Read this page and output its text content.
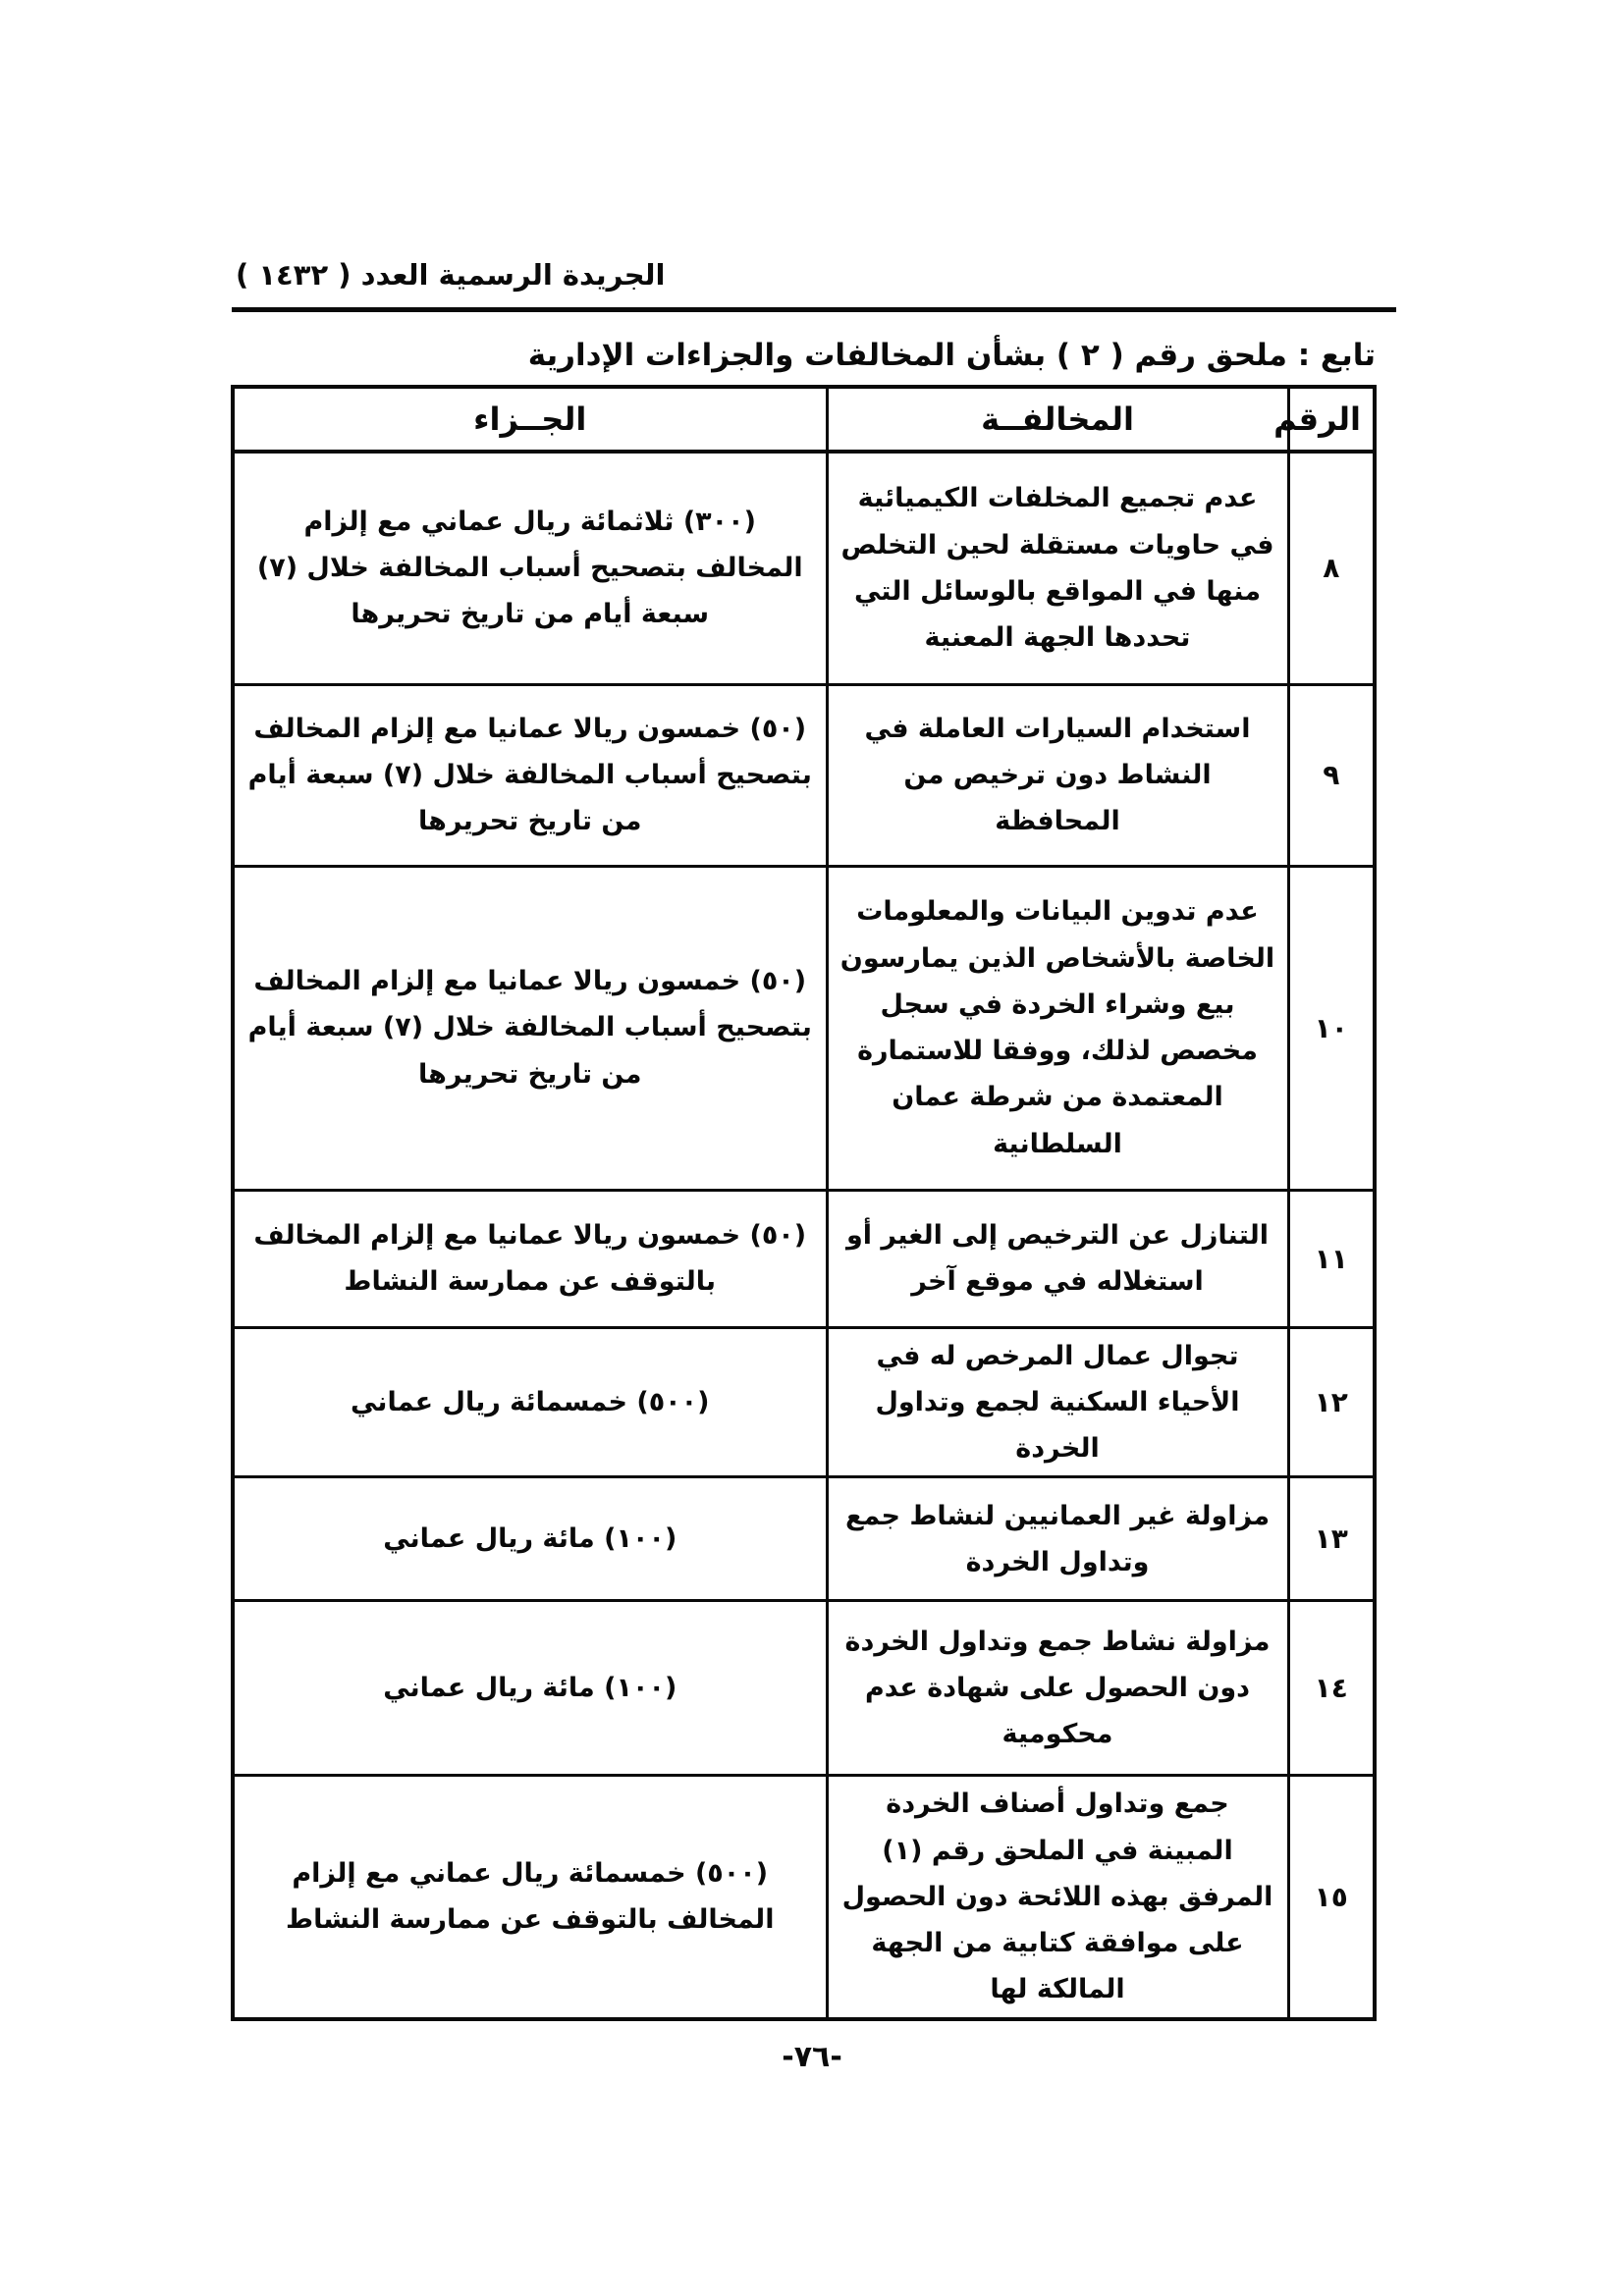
الجريدة الرسمية العدد ( ١٤٣٢ )
تابع : ملحق رقم ( ٢ ) بشأن المخالفات والجزاءات الإدارية
الرقم	المخالفــة	الجــزاء
٨	عدم تجميع المخلفات الكيميائية في حاويات مستقلة لحين التخلص منها في المواقع بالوسائل التي تحددها الجهة المعنية	(٣٠٠) ثلاثمائة ريال عماني مع إلزام المخالف بتصحيح أسباب المخالفة خلال (٧) سبعة أيام من تاريخ تحريرها
٩	استخدام السيارات العاملة في النشاط دون ترخيص من المحافظة	(٥٠) خمسون ريالا عمانيا مع إلزام المخالف بتصحيح أسباب المخالفة خلال (٧) سبعة أيام من تاريخ تحريرها
١٠	عدم تدوين البيانات والمعلومات الخاصة بالأشخاص الذين يمارسون بيع وشراء الخردة في سجل مخصص لذلك، ووفقا للاستمارة المعتمدة من شرطة عمان السلطانية	(٥٠) خمسون ريالا عمانيا مع إلزام المخالف بتصحيح أسباب المخالفة خلال (٧) سبعة أيام من تاريخ تحريرها
١١	التنازل عن الترخيص إلى الغير أو استغلاله في موقع آخر	(٥٠) خمسون ريالا عمانيا مع إلزام المخالف بالتوقف عن ممارسة النشاط
١٢	تجوال عمال المرخص له في الأحياء السكنية لجمع وتداول الخردة	(٥٠٠) خمسمائة ريال عماني
١٣	مزاولة غير العمانيين لنشاط جمع وتداول الخردة	(١٠٠) مائة ريال عماني
١٤	مزاولة نشاط جمع وتداول الخردة دون الحصول على شهادة عدم محكومية	(١٠٠) مائة ريال عماني
١٥	جمع وتداول أصناف الخردة المبينة في الملحق رقم (١) المرفق بهذه اللائحة دون الحصول على موافقة كتابية من الجهة المالكة لها	(٥٠٠) خمسمائة ريال عماني مع إلزام المخالف بالتوقف عن ممارسة النشاط
-٧٦-
